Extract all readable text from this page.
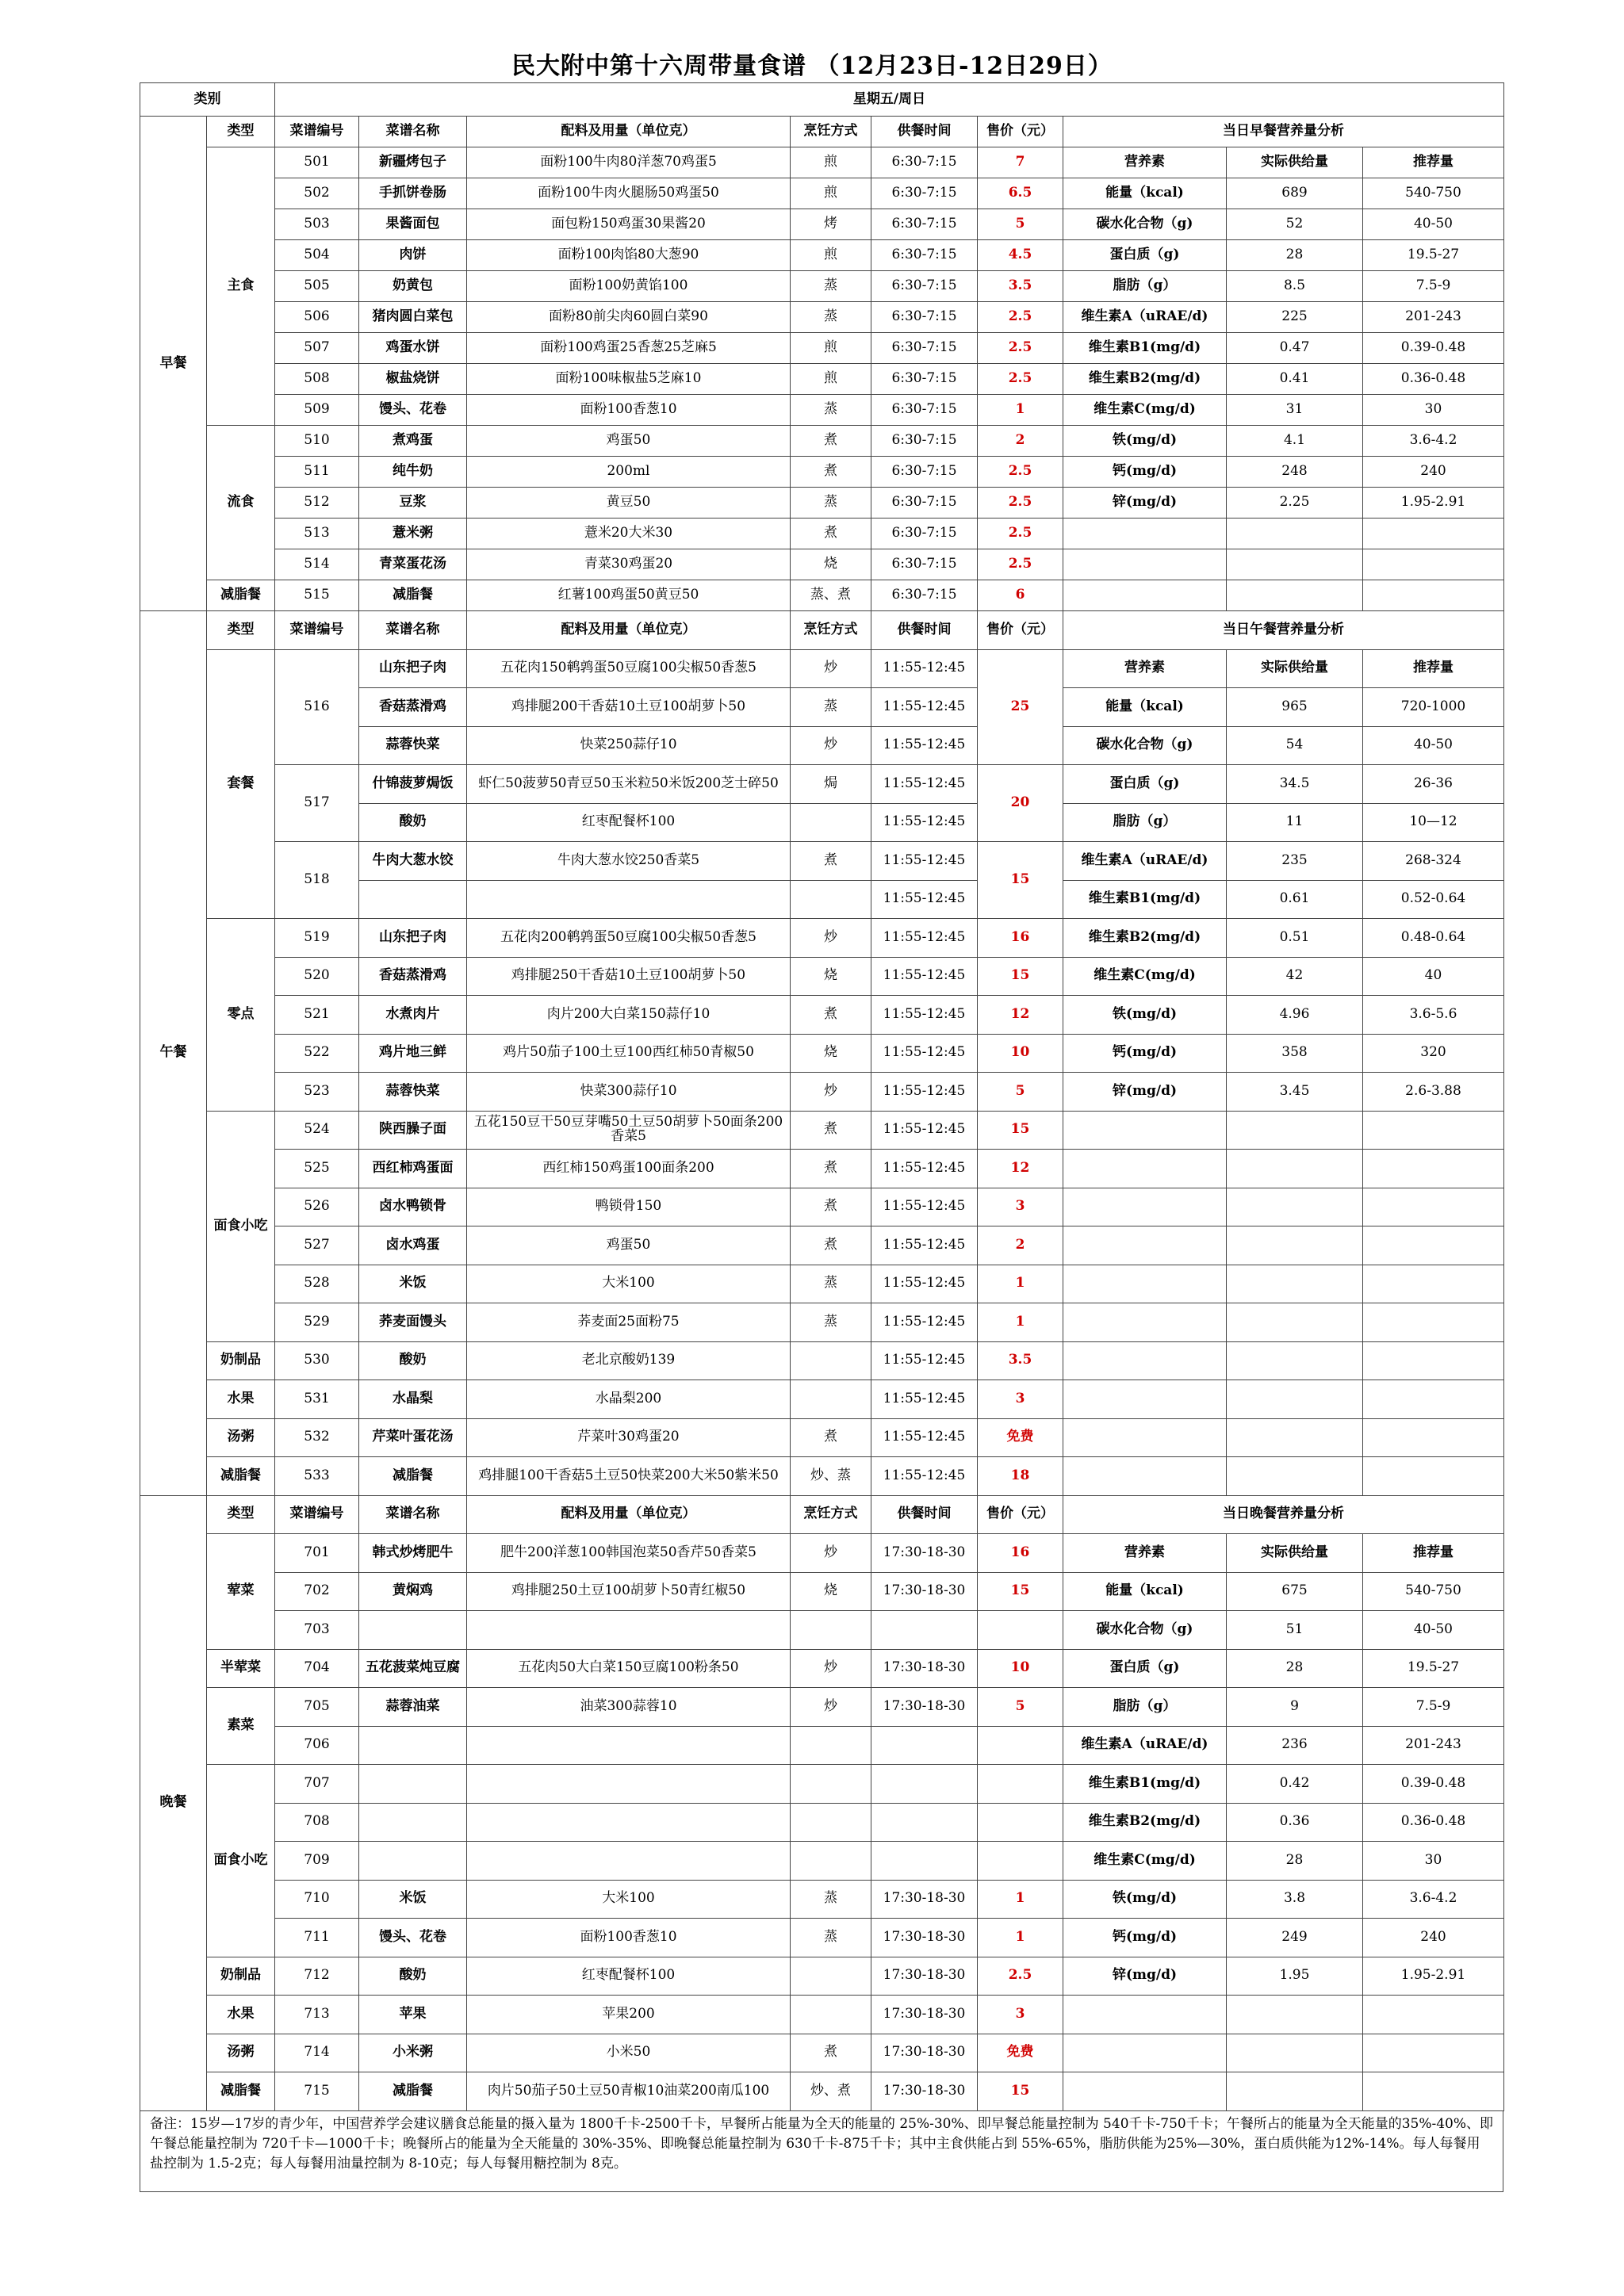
民大附中第十六周带量食谱 （12月23日-12日29日）
类别		星期五/周日								
早餐	类型	菜谱编号	菜谱名称	配料及用量（单位克）	烹饪方式	供餐时间	售价（元）	当日早餐营养量分析		
	主食	501	新疆烤包子	面粉100牛肉80洋葱70鸡蛋5	煎	6:30-7:15	7	营养素	实际供给量	推荐量
		502	手抓饼卷肠	面粉100牛肉火腿肠50鸡蛋50	煎	6:30-7:15	6.5	能量（kcal)	689	540-750
		503	果酱面包	面包粉150鸡蛋30果酱20	烤	6:30-7:15	5	碳水化合物（g)	52	40-50
		504	肉饼	面粉100肉馅80大葱90	煎	6:30-7:15	4.5	蛋白质（g)	28	19.5-27
		505	奶黄包	面粉100奶黄馅100	蒸	6:30-7:15	3.5	脂肪（g）	8.5	7.5-9
		506	猪肉圆白菜包	面粉80前尖肉60圆白菜90	蒸	6:30-7:15	2.5	维生素A（uRAE/d)	225	201-243
		507	鸡蛋水饼	面粉100鸡蛋25香葱25芝麻5	煎	6:30-7:15	2.5	维生素B1(mg/d)	0.47	0.39-0.48
		508	椒盐烧饼	面粉100味椒盐5芝麻10	煎	6:30-7:15	2.5	维生素B2(mg/d)	0.41	0.36-0.48
		509	馒头、花卷	面粉100香葱10	蒸	6:30-7:15	1	维生素C(mg/d)	31	30
	流食	510	煮鸡蛋	鸡蛋50	煮	6:30-7:15	2	铁(mg/d)	4.1	3.6-4.2
		511	纯牛奶	200ml	煮	6:30-7:15	2.5	钙(mg/d)	248	240
		512	豆浆	黄豆50	蒸	6:30-7:15	2.5	锌(mg/d)	2.25	1.95-2.91
		513	薏米粥	薏米20大米30	煮	6:30-7:15	2.5			
		514	青菜蛋花汤	青菜30鸡蛋20	烧	6:30-7:15	2.5			
	减脂餐	515	减脂餐	红薯100鸡蛋50黄豆50	蒸、煮	6:30-7:15	6			
午餐	类型	菜谱编号	菜谱名称	配料及用量（单位克）	烹饪方式	供餐时间	售价（元）	当日午餐营养量分析		
	套餐	516	山东把子肉	五花肉150鹌鹑蛋50豆腐100尖椒50香葱5	炒	11:55-12:45	25	营养素	实际供给量	推荐量
			香菇蒸滑鸡	鸡排腿200干香菇10土豆100胡萝卜50	蒸	11:55-12:45		能量（kcal)	965	720-1000
			蒜蓉快菜	快菜250蒜仔10	炒	11:55-12:45		碳水化合物（g)	54	40-50
		517	什锦菠萝焗饭	虾仁50菠萝50青豆50玉米粒50米饭200芝士碎50	焗	11:55-12:45	20	蛋白质（g)	34.5	26-36
			酸奶	红枣配餐杯100		11:55-12:45		脂肪（g）	11	10—12
		518	牛肉大葱水饺	牛肉大葱水饺250香菜5	煮	11:55-12:45	15	维生素A（uRAE/d)	235	268-324
						11:55-12:45		维生素B1(mg/d)	0.61	0.52-0.64
	零点	519	山东把子肉	五花肉200鹌鹑蛋50豆腐100尖椒50香葱5	炒	11:55-12:45	16	维生素B2(mg/d)	0.51	0.48-0.64
		520	香菇蒸滑鸡	鸡排腿250干香菇10土豆100胡萝卜50	烧	11:55-12:45	15	维生素C(mg/d)	42	40
		521	水煮肉片	肉片200大白菜150蒜仔10	煮	11:55-12:45	12	铁(mg/d)	4.96	3.6-5.6
		522	鸡片地三鲜	鸡片50茄子100土豆100西红柿50青椒50	烧	11:55-12:45	10	钙(mg/d)	358	320
		523	蒜蓉快菜	快菜300蒜仔10	炒	11:55-12:45	5	锌(mg/d)	3.45	2.6-3.88
	面食小吃	524	陕西臊子面	五花150豆干50豆芽嘴50土豆50胡萝卜50面条200香菜5	煮	11:55-12:45	15			
		525	西红柿鸡蛋面	西红柿150鸡蛋100面条200	煮	11:55-12:45	12			
		526	卤水鸭锁骨	鸭锁骨150	煮	11:55-12:45	3			
		527	卤水鸡蛋	鸡蛋50	煮	11:55-12:45	2			
		528	米饭	大米100	蒸	11:55-12:45	1			
		529	荞麦面馒头	荞麦面25面粉75	蒸	11:55-12:45	1			
	奶制品	530	酸奶	老北京酸奶139		11:55-12:45	3.5			
	水果	531	水晶梨	水晶梨200		11:55-12:45	3			
	汤粥	532	芹菜叶蛋花汤	芹菜叶30鸡蛋20	煮	11:55-12:45	免费			
	减脂餐	533	减脂餐	鸡排腿100干香菇5土豆50快菜200大米50紫米50	炒、蒸	11:55-12:45	18			
晚餐	类型	菜谱编号	菜谱名称	配料及用量（单位克）	烹饪方式	供餐时间	售价（元）	当日晚餐营养量分析		
	荤菜	701	韩式炒烤肥牛	肥牛200洋葱100韩国泡菜50香芹50香菜5	炒	17:30-18-30	16	营养素	实际供给量	推荐量
		702	黄焖鸡	鸡排腿250土豆100胡萝卜50青红椒50	烧	17:30-18-30	15	能量（kcal)	675	540-750
		703						碳水化合物（g)	51	40-50
	半荤菜	704	五花菠菜炖豆腐	五花肉50大白菜150豆腐100粉条50	炒	17:30-18-30	10	蛋白质（g)	28	19.5-27
	素菜	705	蒜蓉油菜	油菜300蒜蓉10	炒	17:30-18-30	5	脂肪（g）	9	7.5-9
		706						维生素A（uRAE/d)	236	201-243
	面食小吃	707						维生素B1(mg/d)	0.42	0.39-0.48
		708						维生素B2(mg/d)	0.36	0.36-0.48
		709						维生素C(mg/d)	28	30
		710	米饭	大米100	蒸	17:30-18-30	1	铁(mg/d)	3.8	3.6-4.2
		711	馒头、花卷	面粉100香葱10	蒸	17:30-18-30	1	钙(mg/d)	249	240
	奶制品	712	酸奶	红枣配餐杯100		17:30-18-30	2.5	锌(mg/d)	1.95	1.95-2.91
	水果	713	苹果	苹果200		17:30-18-30	3			
	汤粥	714	小米粥	小米50	煮	17:30-18-30	免费			
	减脂餐	715	减脂餐	肉片50茄子50土豆50青椒10油菜200南瓜100	炒、煮	17:30-18-30	15			
备注：15岁—17岁的青少年，中国营养学会建议膳食总能量的摄入量为 1800千卡-2500千卡，早餐所占能量为全天的能量的 25%-30%、即早餐总能量控制为 540千卡-750千卡；午餐所占的能量为全天能量的35%-40%、即午餐总能量控制为 720千卡—1000千卡；晚餐所占的能量为全天能量的 30%-35%、即晚餐总能量控制为 630千卡-875千卡；其中主食供能占到 55%-65%，脂肪供能为25%—30%，蛋白质供能为12%-14%。每人每餐用盐控制为 1.5-2克；每人每餐用油量控制为 8-10克；每人每餐用糖控制为 8克。
